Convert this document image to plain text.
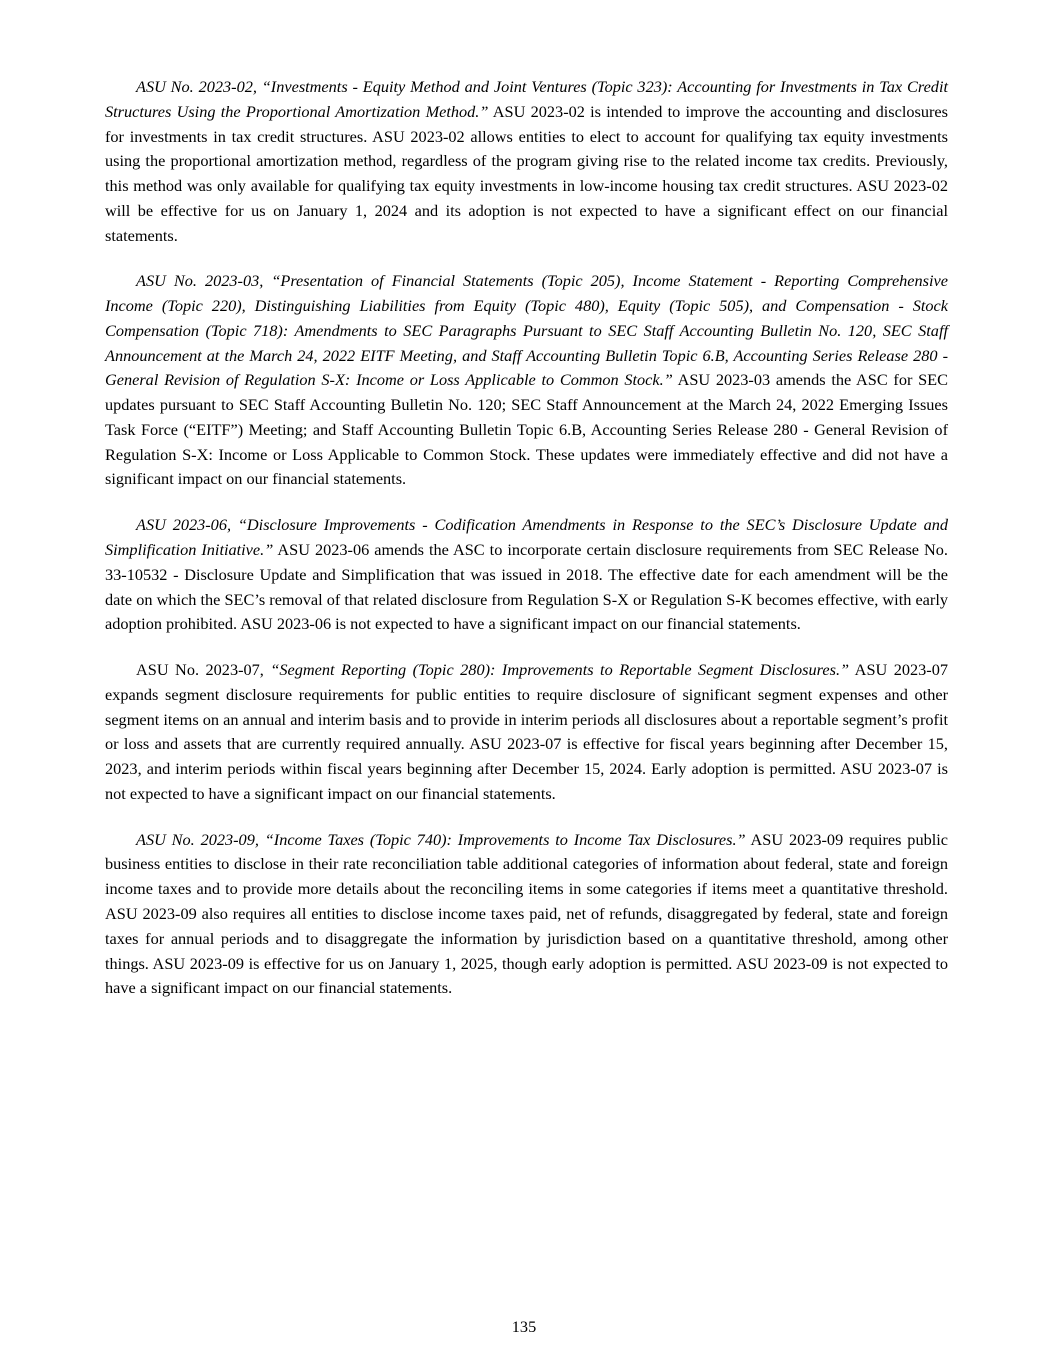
ASU No. 2023-02, “Investments - Equity Method and Joint Ventures (Topic 323): Accounting for Investments in Tax Credit Structures Using the Proportional Amortization Method.” ASU 2023-02 is intended to improve the accounting and disclosures for investments in tax credit structures. ASU 2023-02 allows entities to elect to account for qualifying tax equity investments using the proportional amortization method, regardless of the program giving rise to the related income tax credits. Previously, this method was only available for qualifying tax equity investments in low-income housing tax credit structures. ASU 2023-02 will be effective for us on January 1, 2024 and its adoption is not expected to have a significant effect on our financial statements.

ASU No. 2023-03, “Presentation of Financial Statements (Topic 205), Income Statement - Reporting Comprehensive Income (Topic 220), Distinguishing Liabilities from Equity (Topic 480), Equity (Topic 505), and Compensation - Stock Compensation (Topic 718): Amendments to SEC Paragraphs Pursuant to SEC Staff Accounting Bulletin No. 120, SEC Staff Announcement at the March 24, 2022 EITF Meeting, and Staff Accounting Bulletin Topic 6.B, Accounting Series Release 280 - General Revision of Regulation S-X: Income or Loss Applicable to Common Stock.” ASU 2023-03 amends the ASC for SEC updates pursuant to SEC Staff Accounting Bulletin No. 120; SEC Staff Announcement at the March 24, 2022 Emerging Issues Task Force (“EITF”) Meeting; and Staff Accounting Bulletin Topic 6.B, Accounting Series Release 280 - General Revision of Regulation S-X: Income or Loss Applicable to Common Stock. These updates were immediately effective and did not have a significant impact on our financial statements.

ASU 2023-06, “Disclosure Improvements - Codification Amendments in Response to the SEC’s Disclosure Update and Simplification Initiative.” ASU 2023-06 amends the ASC to incorporate certain disclosure requirements from SEC Release No. 33-10532 - Disclosure Update and Simplification that was issued in 2018. The effective date for each amendment will be the date on which the SEC’s removal of that related disclosure from Regulation S-X or Regulation S-K becomes effective, with early adoption prohibited. ASU 2023-06 is not expected to have a significant impact on our financial statements.

ASU No. 2023-07, “Segment Reporting (Topic 280): Improvements to Reportable Segment Disclosures.” ASU 2023-07 expands segment disclosure requirements for public entities to require disclosure of significant segment expenses and other segment items on an annual and interim basis and to provide in interim periods all disclosures about a reportable segment’s profit or loss and assets that are currently required annually. ASU 2023-07 is effective for fiscal years beginning after December 15, 2023, and interim periods within fiscal years beginning after December 15, 2024. Early adoption is permitted. ASU 2023-07 is not expected to have a significant impact on our financial statements.

ASU No. 2023-09, “Income Taxes (Topic 740): Improvements to Income Tax Disclosures.” ASU 2023-09 requires public business entities to disclose in their rate reconciliation table additional categories of information about federal, state and foreign income taxes and to provide more details about the reconciling items in some categories if items meet a quantitative threshold. ASU 2023-09 also requires all entities to disclose income taxes paid, net of refunds, disaggregated by federal, state and foreign taxes for annual periods and to disaggregate the information by jurisdiction based on a quantitative threshold, among other things. ASU 2023-09 is effective for us on January 1, 2025, though early adoption is permitted. ASU 2023-09 is not expected to have a significant impact on our financial statements.

135
